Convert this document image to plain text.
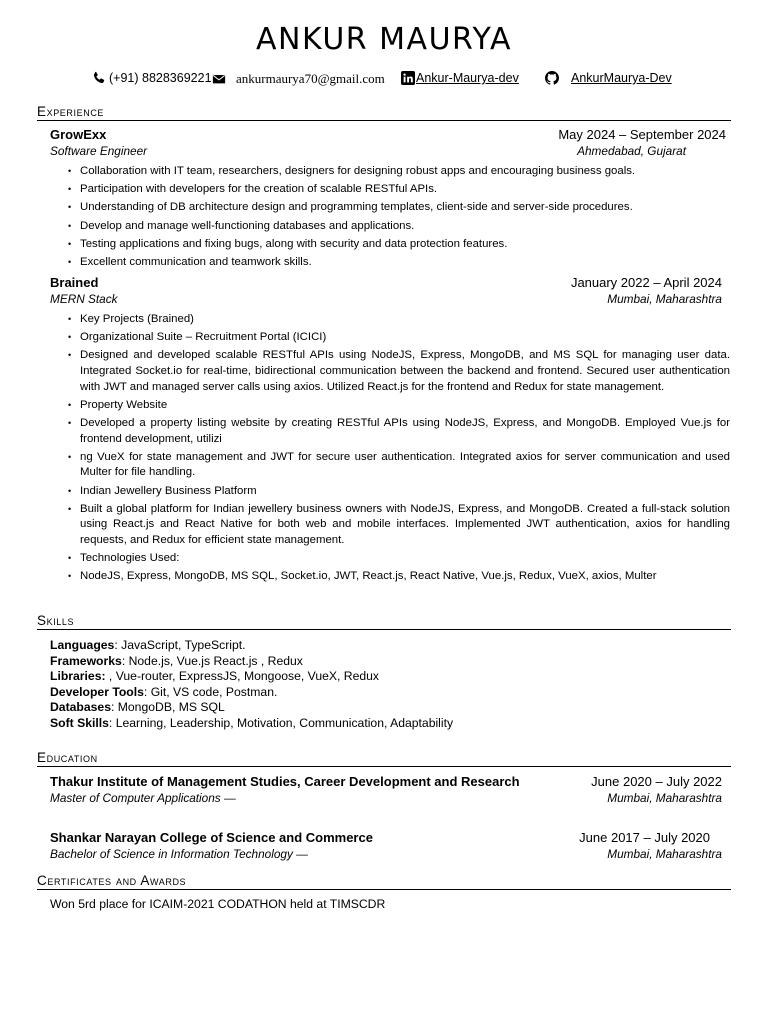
ANKUR MAURYA
(+91) 8828369221 ankurmaurya70@gmail.com Ankur-Maurya-dev	AnkurMaurya-Dev
Experience
GrowExx	May 2024 – September 2024
Software Engineer	Ahmedabad, Gujarat
• Collaboration with IT team, researchers, designers for designing robust apps and encouraging business goals.
• Participation with developers for the creation of scalable RESTful APIs.
• Understanding of DB architecture design and programming templates, client-side and server-side procedures.
• Develop and manage well-functioning databases and applications.
• Testing applications and fixing bugs, along with security and data protection features.
• Excellent communication and teamwork skills.
Brained	January 2022 – April 2024
MERN Stack	Mumbai, Maharashtra
• Key Projects (Brained)
• Organizational Suite – Recruitment Portal (ICICI)
• Designed and developed scalable RESTful APIs using NodeJS, Express, MongoDB, and MS SQL for managing user data. Integrated Socket.io for real-time, bidirectional communication between the backend and frontend. Secured user authentication with JWT and managed server calls using axios. Utilized React.js for the frontend and Redux for state management.
• Property Website
• Developed a property listing website by creating RESTful APIs using NodeJS, Express, and MongoDB. Employed Vue.js for frontend development, utilizi
• ng VueX for state management and JWT for secure user authentication. Integrated axios for server communication and used Multer for file handling.
• Indian Jewellery Business Platform
• Built a global platform for Indian jewellery business owners with NodeJS, Express, and MongoDB. Created a full-stack solution using React.js and React Native for both web and mobile interfaces. Implemented JWT authentication, axios for handling requests, and Redux for efficient state management.
• Technologies Used:
• NodeJS, Express, MongoDB, MS SQL, Socket.io, JWT, React.js, React Native, Vue.js, Redux, VueX, axios, Multer
Skills
Languages: JavaScript, TypeScript.
Frameworks: Node.js, Vue.js React.js , Redux
Libraries: , Vue-router, ExpressJS, Mongoose, VueX, Redux
Developer Tools: Git, VS code, Postman.
Databases: MongoDB, MS SQL
Soft Skills: Learning, Leadership, Motivation, Communication, Adaptability
Education
Thakur Institute of Management Studies, Career Development and Research	June 2020 – July 2022
Master of Computer Applications —	Mumbai, Maharashtra
Shankar Narayan College of Science and Commerce	June 2017 – July 2020
Bachelor of Science in Information Technology —	Mumbai, Maharashtra
Certificates and Awards
Won 5rd place for ICAIM-2021 CODATHON held at TIMSCDR
